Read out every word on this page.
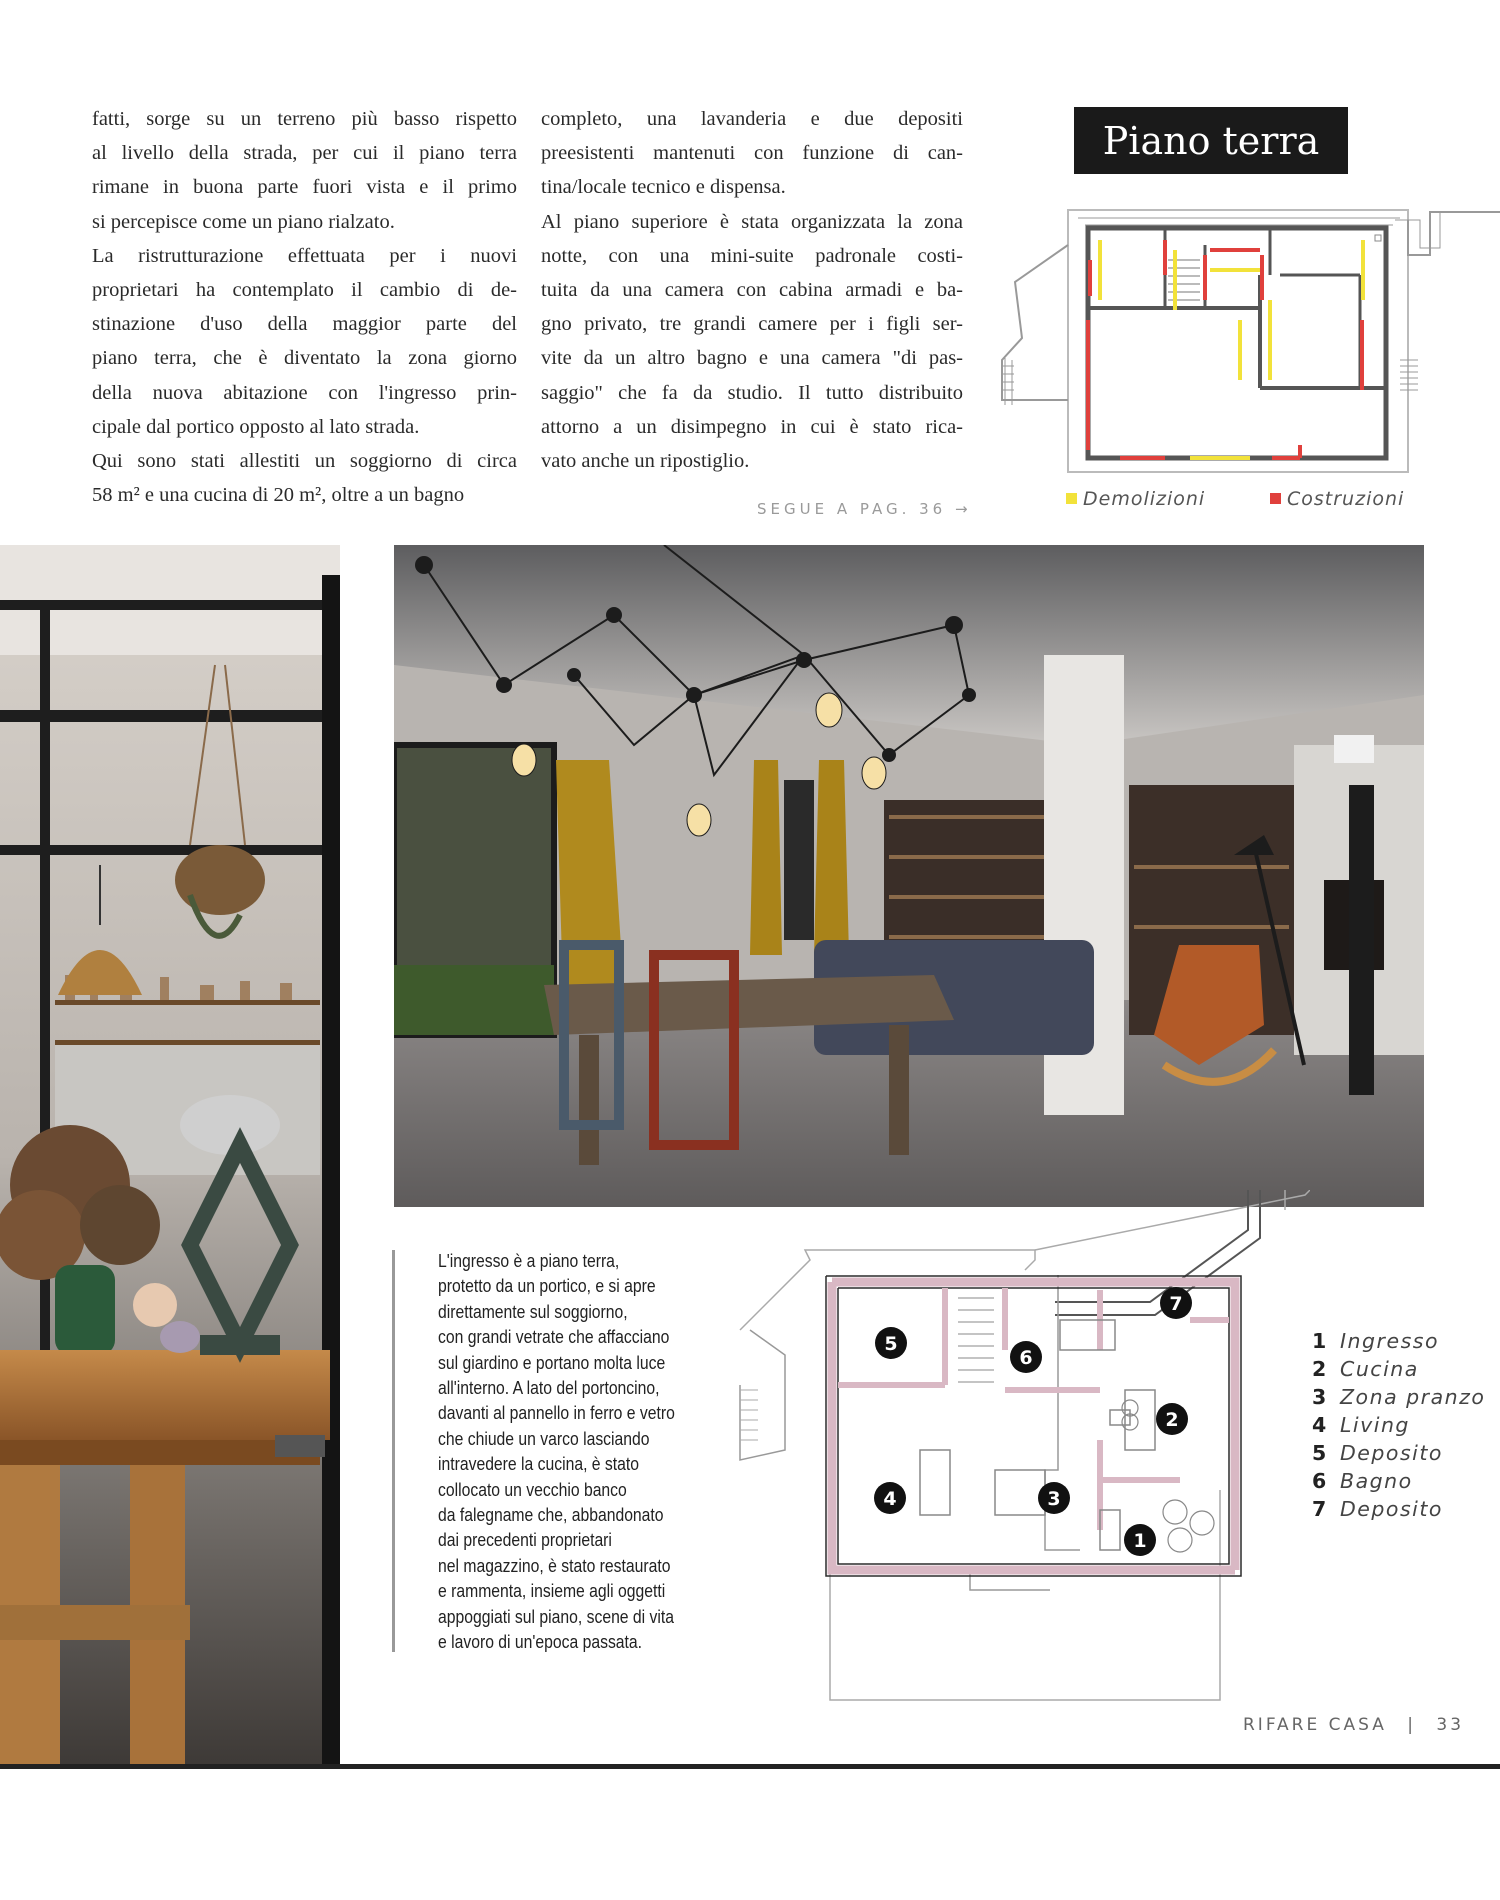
fatti, sorge su un terreno più basso rispetto
al livello della strada, per cui il piano terra
rimane in buona parte fuori vista e il primo
si percepisce come un piano rialzato.
La ristrutturazione effettuata per i nuovi
proprietari ha contemplato il cambio di de-
stinazione d'uso della maggior parte del
piano terra, che è diventato la zona giorno
della nuova abitazione con l'ingresso prin-
cipale dal portico opposto al lato strada.
Qui sono stati allestiti un soggiorno di circa
58 m² e una cucina di 20 m², oltre a un bagno
completo, una lavanderia e due depositi
preesistenti mantenuti con funzione di can-
tina/locale tecnico e dispensa.
Al piano superiore è stata organizzata la zona
notte, con una mini-suite padronale costi-
tuita da una camera con cabina armadi e ba-
gno privato, tre grandi camere per i figli ser-
vite da un altro bagno e una camera "di pas-
saggio" che fa da studio. Il tutto distribuito
attorno a un disimpegno in cui è stato rica-
vato anche un ripostiglio.
SEGUE A PAG. 36 →
Piano terra
Demolizioni	Costruzioni
L'ingresso è a piano terra,
protetto da un portico, e si apre
direttamente sul soggiorno,
con grandi vetrate che affacciano
sul giardino e portano molta luce
all'interno. A lato del portoncino,
davanti al pannello in ferro e vetro
che chiude un varco lasciando
intravedere la cucina, è stato
collocato un vecchio banco
da falegname che, abbandonato
dai precedenti proprietari
nel magazzino, è stato restaurato
e rammenta, insieme agli oggetti
appoggiati sul piano, scene di vita
e lavoro di un'epoca passata.
1
2
3
4
5
6
7
1 Ingresso
2 Cucina
3 Zona pranzo
4 Living
5 Deposito
6 Bagno
7 Deposito
RIFARE CASA | 33
